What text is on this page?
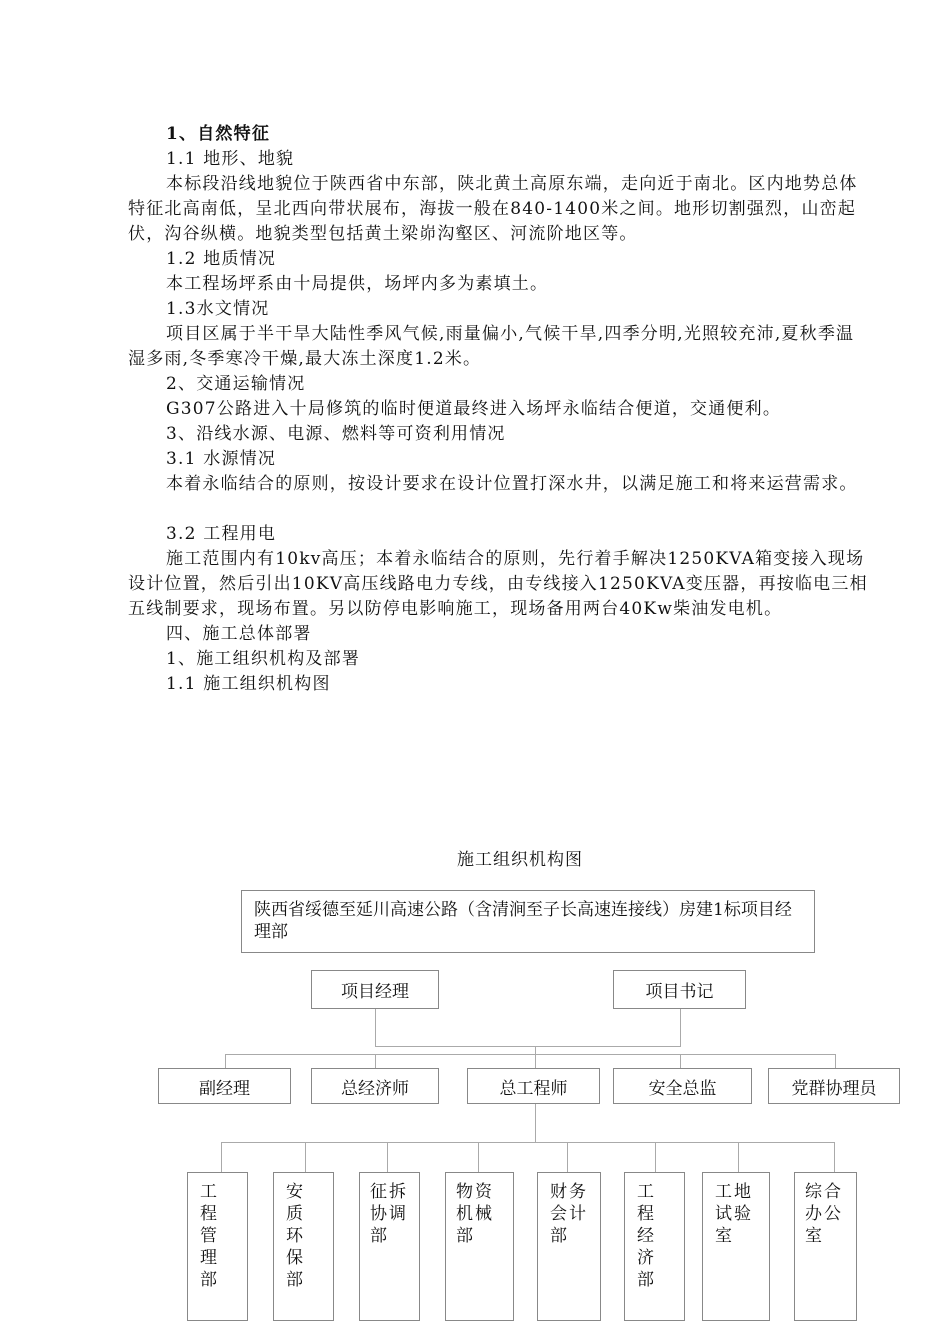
1、自然特征
1.1 地形、地貌

本标段沿线地貌位于陕西省中东部，陕北黄土高原东端，走向近于南北。区内地势总体特征北高南低，呈北西向带状展布，海拔一般在840-1400米之间。地形切割强烈，山峦起伏，沟谷纵横。地貌类型包括黄土梁峁沟壑区、河流阶地区等。

1.2 地质情况

本工程场坪系由十局提供，场坪内多为素填土。

1.3水文情况

项目区属于半干旱大陆性季风气候,雨量偏小,气候干旱,四季分明,光照较充沛,夏秋季温湿多雨,冬季寒冷干燥,最大冻土深度1.2米。

2、交通运输情况

G307公路进入十局修筑的临时便道最终进入场坪永临结合便道，交通便利。

3、沿线水源、电源、燃料等可资利用情况
3.1 水源情况

本着永临结合的原则，按设计要求在设计位置打深水井，以满足施工和将来运营需求。

3.2 工程用电

施工范围内有10kv高压；本着永临结合的原则，先行着手解决1250KVA箱变接入现场设计位置，然后引出10KV高压线路电力专线，由专线接入1250KVA变压器，再按临电三相五线制要求，现场布置。另以防停电影响施工，现场备用两台40Kw柴油发电机。

四、施工总体部署
1、施工组织机构及部署
1.1 施工组织机构图
施工组织机构图
陕西省绥德至延川高速公路（含清涧至子长高速连接线）房建1标项目经理部
项目经理	项目书记
副经理	总经济师	总工程师	安全总监	党群协理员
工程管理部
安质环保部
征拆协调部
物资机械部
财务会计部
工程经济部
工地试验室
综合办公室
